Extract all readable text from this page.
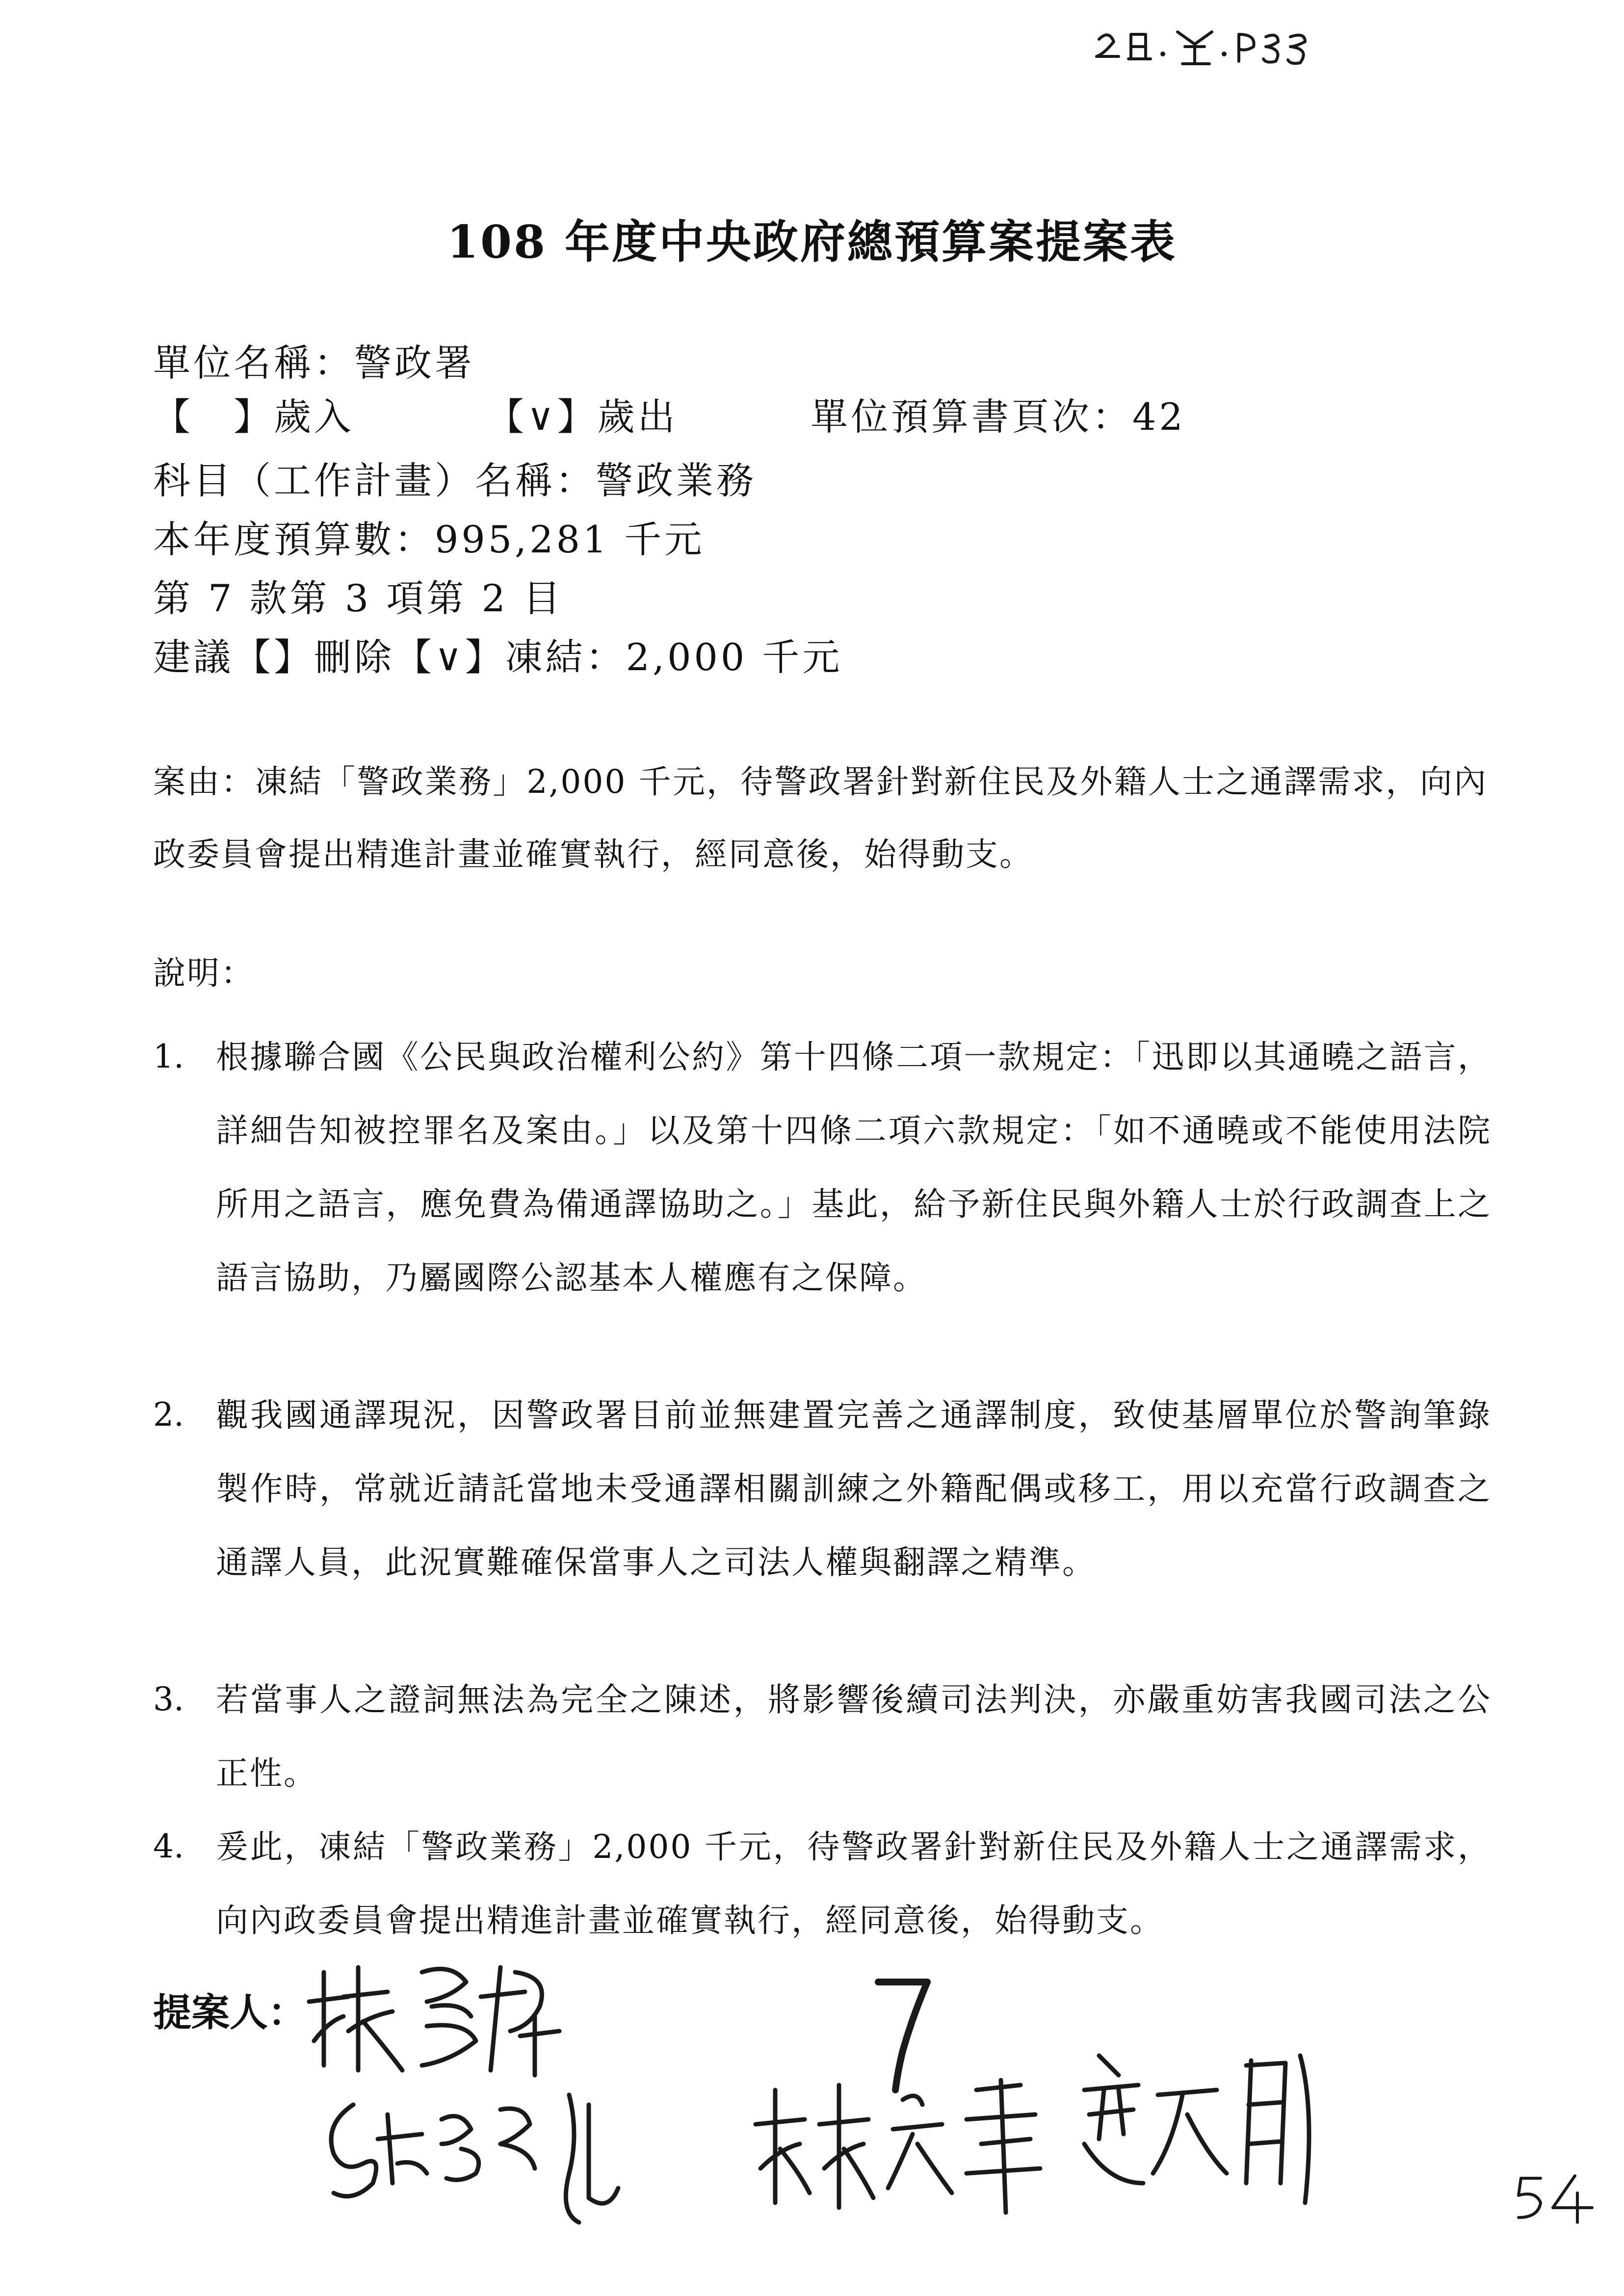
108 年度中央政府總預算案提案表
單位名稱：警政署
【　】歲入	【∨】歲出	單位預算書頁次：42
科目（工作計畫）名稱：警政業務
本年度預算數：995,281 千元
第 7 款第 3 項第 2 目
建議【】刪除【∨】凍結：2,000 千元
案由：凍結「警政業務」2,000 千元，待警政署針對新住民及外籍人士之通譯需求，向內政委員會提出精進計畫並確實執行，經同意後，始得動支。
說明：
1. 根據聯合國《公民與政治權利公約》第十四條二項一款規定：「迅即以其通曉之語言，詳細告知被控罪名及案由。」以及第十四條二項六款規定：「如不通曉或不能使用法院所用之語言，應免費為備通譯協助之。」基此，給予新住民與外籍人士於行政調查上之語言協助，乃屬國際公認基本人權應有之保障。
2. 觀我國通譯現況，因警政署目前並無建置完善之通譯制度，致使基層單位於警詢筆錄製作時，常就近請託當地未受通譯相關訓練之外籍配偶或移工，用以充當行政調查之通譯人員，此況實難確保當事人之司法人權與翻譯之精準。
3. 若當事人之證詞無法為完全之陳述，將影響後續司法判決，亦嚴重妨害我國司法之公正性。
4. 爰此，凍結「警政業務」2,000 千元，待警政署針對新住民及外籍人士之通譯需求，向內政委員會提出精進計畫並確實執行，經同意後，始得動支。
提案人：
